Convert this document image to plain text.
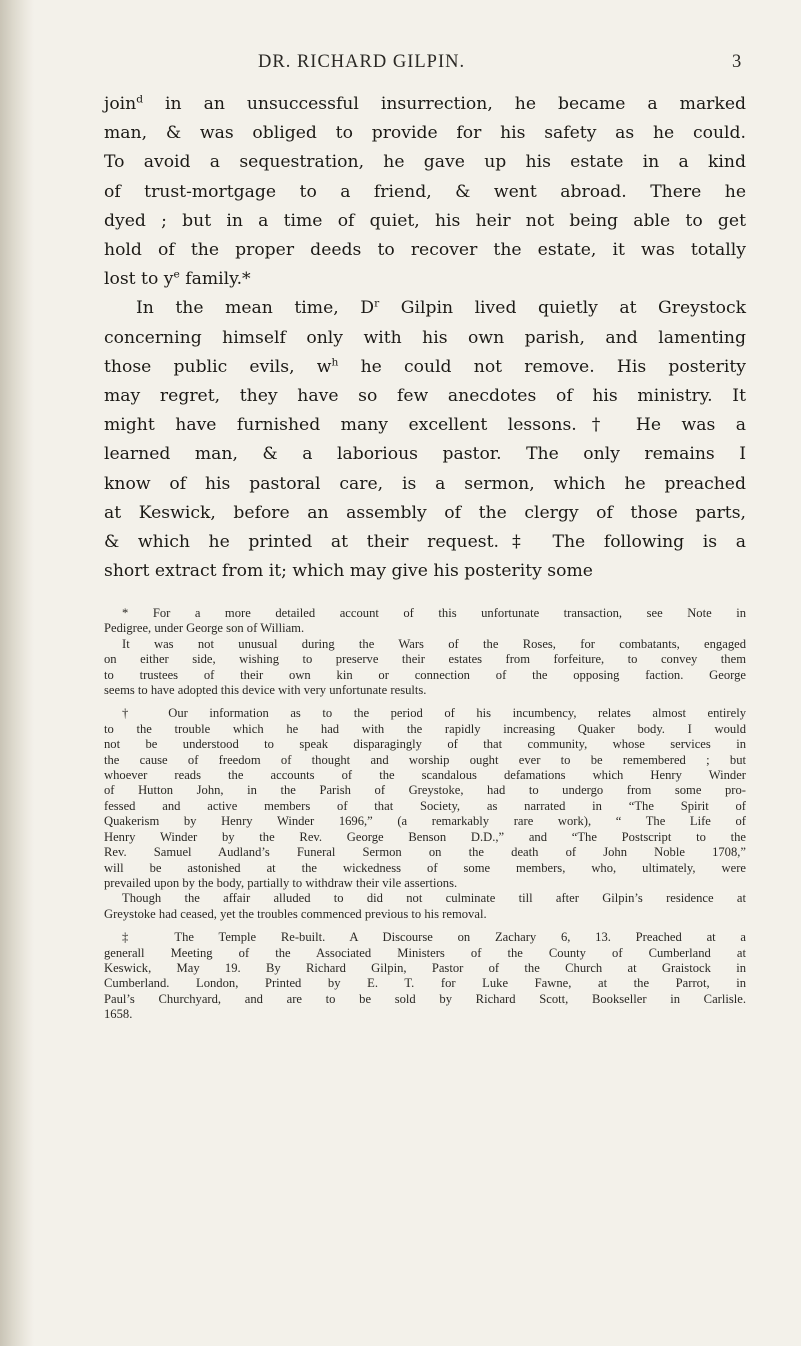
DR. RICHARD GILPIN.	3
join$^d$ in an unsuccessful insurrection, he became a marked
man, & was obliged to provide for his safety as he could.
To avoid a sequestration, he gave up his estate in a kind
of trust-mortgage to a friend, & went abroad. There he
dyed ; but in a time of quiet, his heir not being able to get
hold of the proper deeds to recover the estate, it was totally
lost to $y^e$ family.*
In the mean time, $D^r$ Gilpin lived quietly at Greystock
concerning himself only with his own parish, and lamenting
those public evils, $w^h$ he could not remove. His posterity
may regret, they have so few anecdotes of his ministry. It
might have furnished many excellent lessons.† He was a
learned man, & a laborious pastor. The only remains I
know of his pastoral care, is a sermon, which he preached
at Keswick, before an assembly of the clergy of those parts,
& which he printed at their request.‡ The following is a
short extract from it; which may give his posterity some
* For a more detailed account of this unfortunate transaction, see Note in
Pedigree, under George son of William.
It was not unusual during the Wars of the Roses, for combatants, engaged
on either side, wishing to preserve their estates from forfeiture, to convey them
to trustees of their own kin or connection of the opposing faction. George
seems to have adopted this device with very unfortunate results.
† Our information as to the period of his incumbency, relates almost entirely
to the trouble which he had with the rapidly increasing Quaker body. I would
not be understood to speak disparagingly of that community, whose services in
the cause of freedom of thought and worship ought ever to be remembered ; but
whoever reads the accounts of the scandalous defamations which Henry Winder
of Hutton John, in the Parish of Greystoke, had to undergo from some pro-
fessed and active members of that Society, as narrated in “The Spirit of
Quakerism by Henry Winder 1696,” (a remarkably rare work), “ The Life of
Henry Winder by the Rev. George Benson D.D.,” and “The Postscript to the
Rev. Samuel Audland’s Funeral Sermon on the death of John Noble 1708,”
will be astonished at the wickedness of some members, who, ultimately, were
prevailed upon by the body, partially to withdraw their vile assertions.
Though the affair alluded to did not culminate till after Gilpin’s residence at
Greystoke had ceased, yet the troubles commenced previous to his removal.
‡ The Temple Re-built. A Discourse on Zachary 6, 13. Preached at a
generall Meeting of the Associated Ministers of the County of Cumberland at
Keswick, May 19. By Richard Gilpin, Pastor of the Church at Graistock in
Cumberland. London, Printed by E. T. for Luke Fawne, at the Parrot, in
Paul’s Churchyard, and are to be sold by Richard Scott, Bookseller in Carlisle.
1658.
